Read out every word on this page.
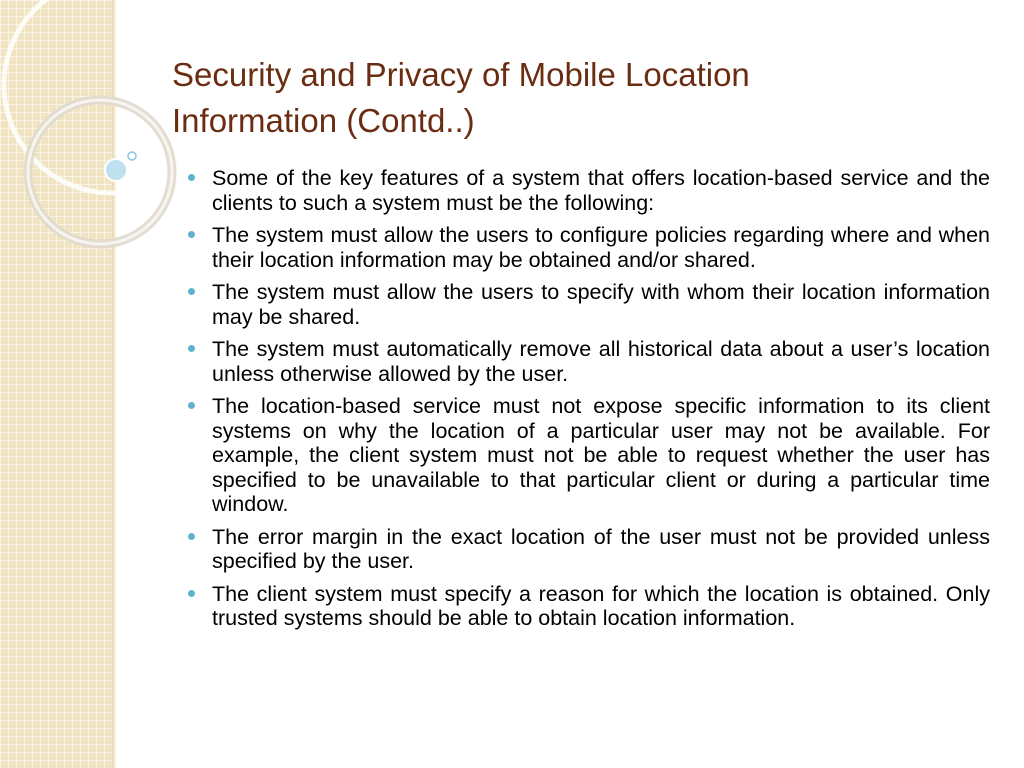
Security and Privacy of Mobile Location
Information (Contd..)
Some of the key features of a system that offers location-based service and the clients to such a system must be the following:
The system must allow the users to configure policies regarding where and when their location information may be obtained and/or shared.
The system must allow the users to specify with whom their location information may be shared.
The system must automatically remove all historical data about a user’s location unless otherwise allowed by the user.
The location-based service must not expose specific information to its client systems on why the location of a particular user may not be available. For example, the client system must not be able to request whether the user has specified to be unavailable to that particular client or during a particular time window.
The error margin in the exact location of the user must not be provided unless specified by the user.
The client system must specify a reason for which the location is obtained. Only trusted systems should be able to obtain location information.
